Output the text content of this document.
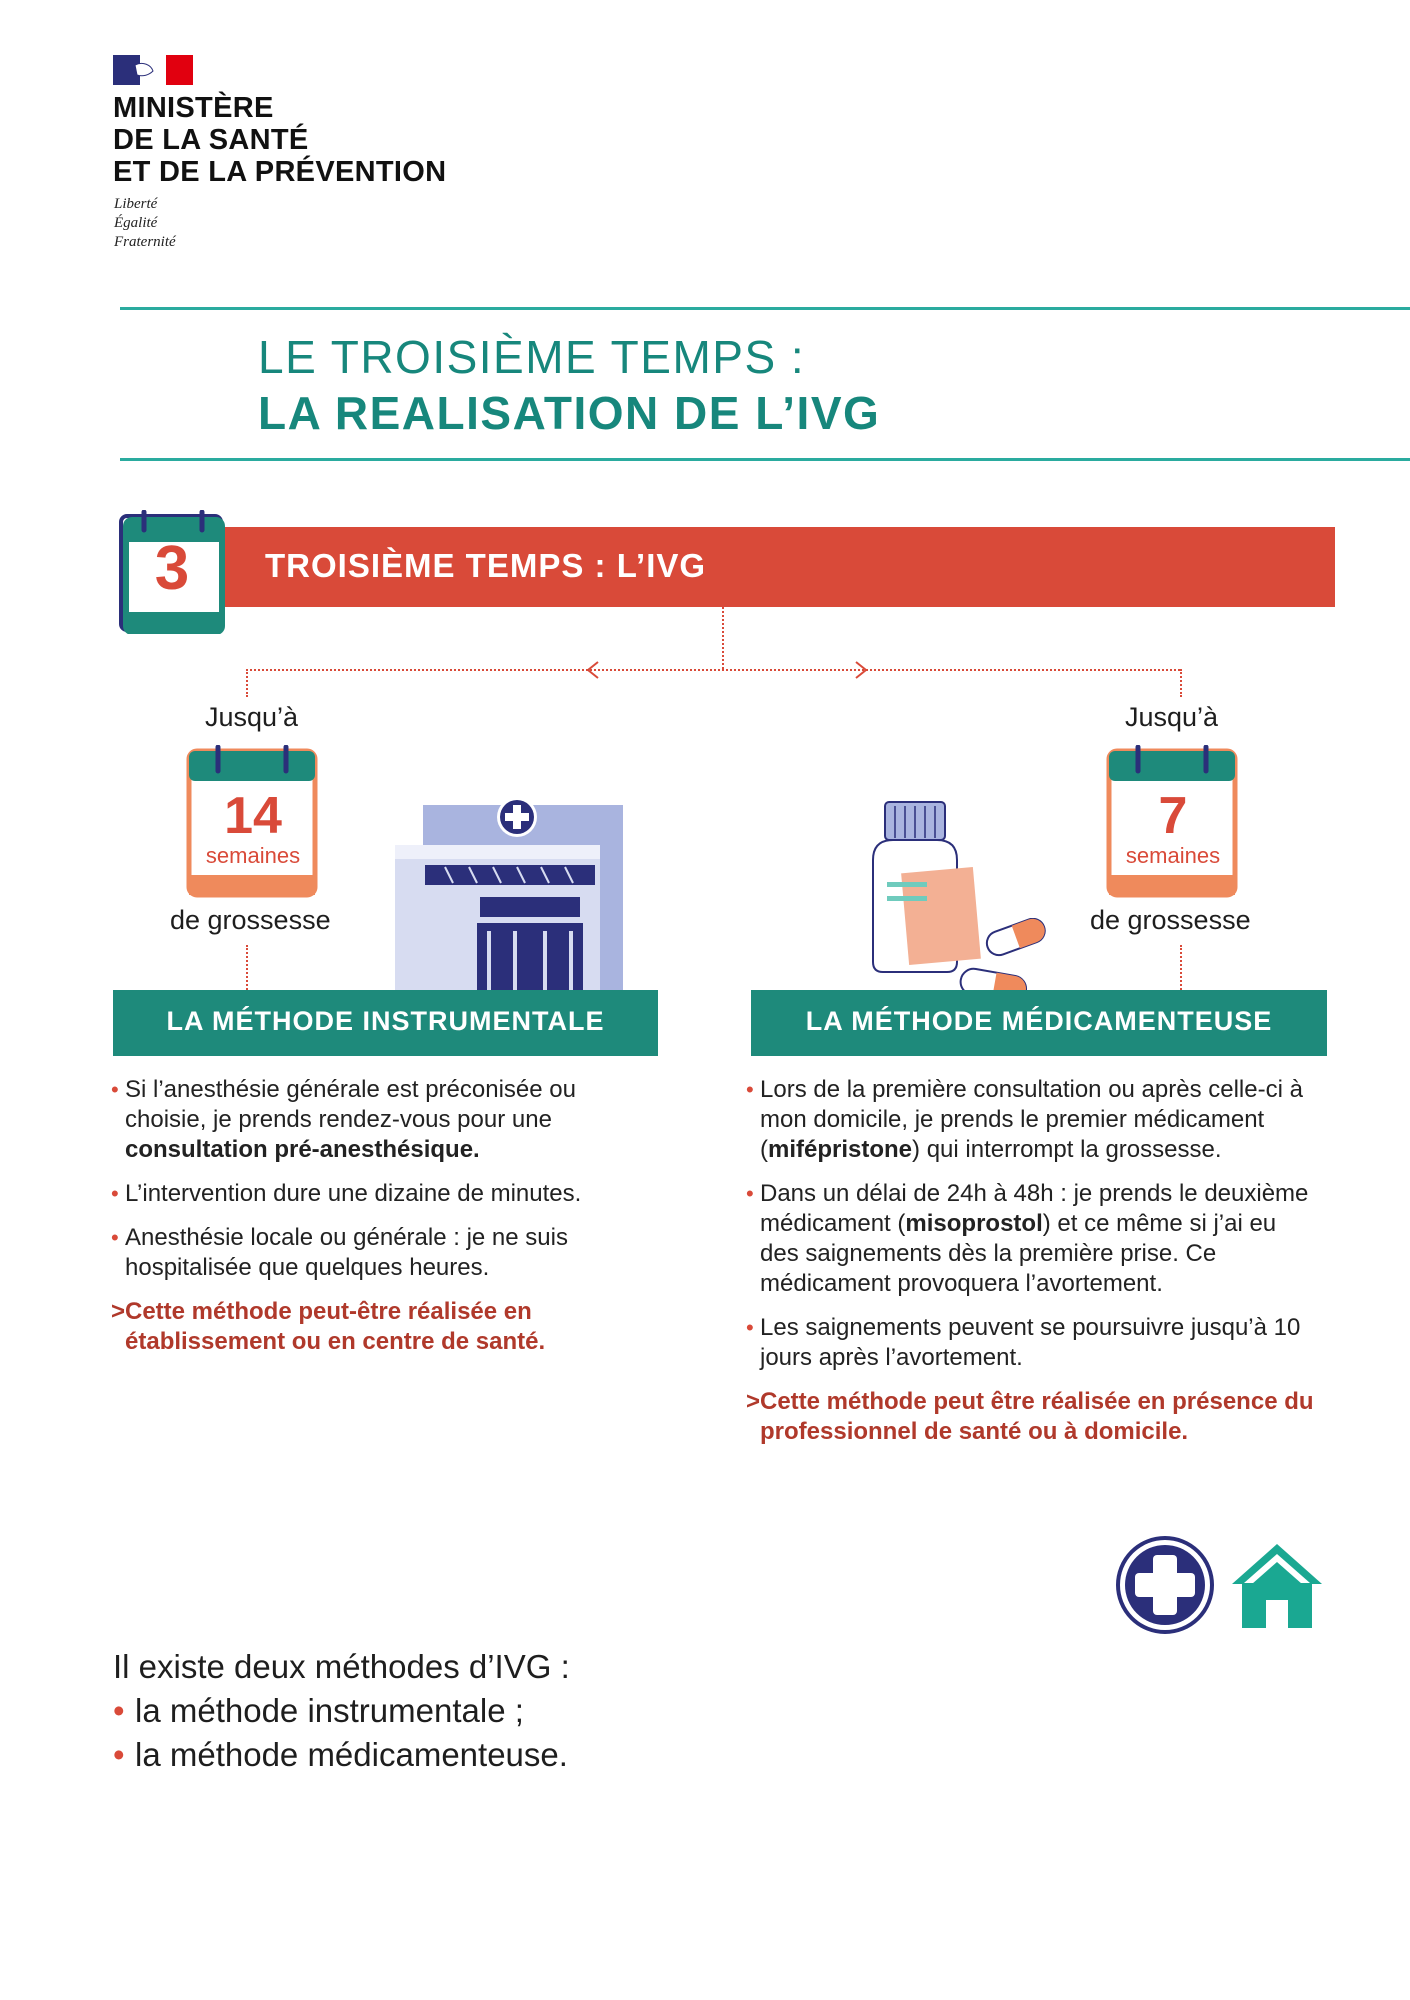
MINISTÈRE
DE LA SANTÉ
ET DE LA PRÉVENTION
Liberté
Égalité
Fraternité
LE TROISIÈME TEMPS :
LA REALISATION DE L’IVG
TROISIÈME TEMPS : L’IVG
3
Jusqu’à
14
semaines
de grossesse
LA MÉTHODE INSTRUMENTALE
• Si l’anesthésie générale est préconisée ou choisie, je prends rendez-vous pour une consultation pré-anesthésique.
• L’intervention dure une dizaine de minutes.
• Anesthésie locale ou générale : je ne suis hospitalisée que quelques heures.
> Cette méthode peut-être réalisée en établissement ou en centre de santé.
Jusqu’à
7
semaines
de grossesse
LA MÉTHODE MÉDICAMENTEUSE
• Lors de la première consultation ou après celle-ci à mon domicile, je prends le premier médicament (mifépristone) qui interrompt la grossesse.
• Dans un délai de 24h à 48h : je prends le deuxième médicament (misoprostol) et ce même si j’ai eu des saignements dès la première prise. Ce médicament provoquera l’avortement.
• Les saignements peuvent se poursuivre jusqu’à 10 jours après l’avortement.
> Cette méthode peut être réalisée en présence du professionnel de santé ou à domicile.
Il existe deux méthodes d’IVG :
• la méthode instrumentale ;
• la méthode médicamenteuse.
